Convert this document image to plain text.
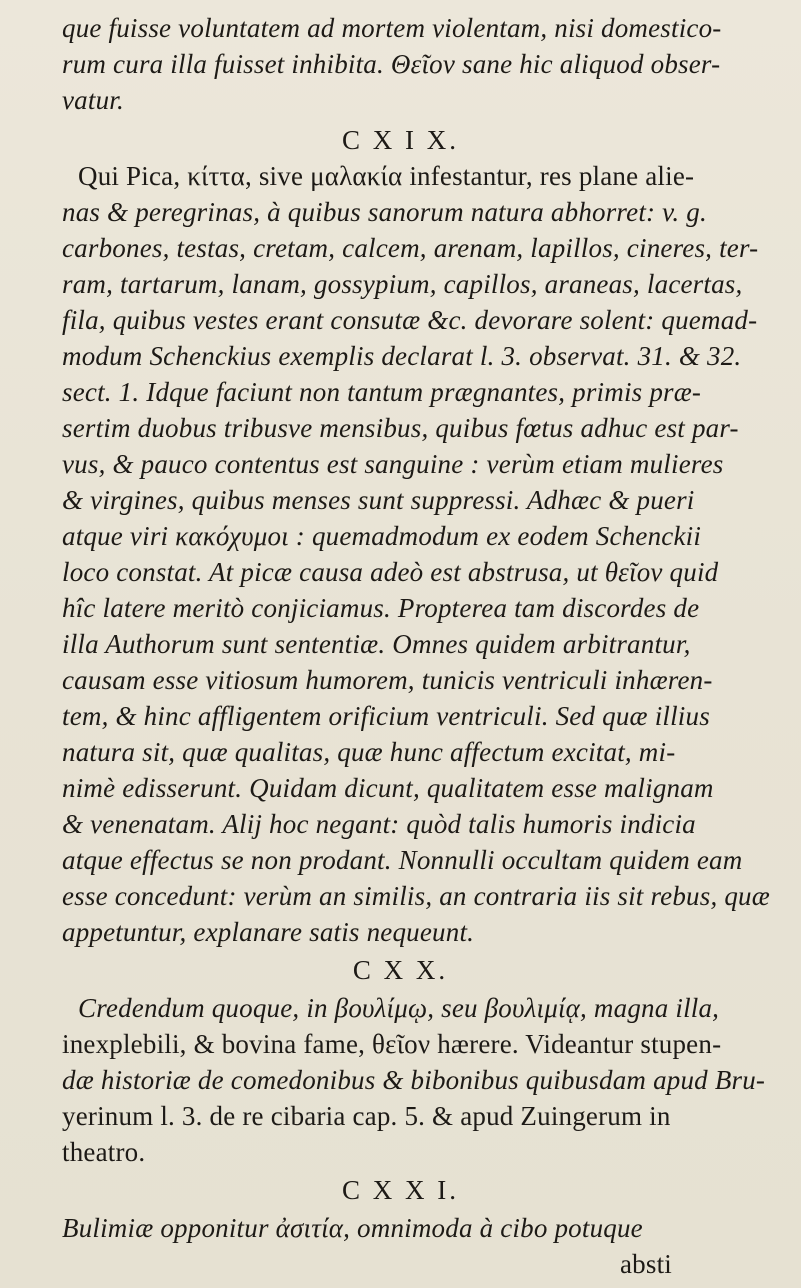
que fuisse voluntatem ad mortem violentam, nisi domestico-
rum cura illa fuisset inhibita. Θεῖον sane hic aliquod obser-
vatur.
C X I X.
Qui Pica, κίττα, sive μαλακία infestantur, res plane alie-
nas & peregrinas, à quibus sanorum natura abhorret: v. g.
carbones, testas, cretam, calcem, arenam, lapillos, cineres, ter-
ram, tartarum, lanam, gossypium, capillos, araneas, lacertas,
fila, quibus vestes erant consutæ &c. devorare solent: quemad-
modum Schenckius exemplis declarat l. 3. observat. 31. & 32.
sect. 1. Idque faciunt non tantum prægnantes, primis præ-
sertim duobus tribusve mensibus, quibus fœtus adhuc est par-
vus, & pauco contentus est sanguine : verùm etiam mulieres
& virgines, quibus menses sunt suppressi. Adhæc & pueri
atque viri κακόχυμοι : quemadmodum ex eodem Schenckii
loco constat. At picæ causa adeò est abstrusa, ut θεῖον quid
hîc latere meritò conjiciamus. Propterea tam discordes de
illa Authorum sunt sententiæ. Omnes quidem arbitrantur,
causam esse vitiosum humorem, tunicis ventriculi inhæren-
tem, & hinc affligentem orificium ventriculi. Sed quæ illius
natura sit, quæ qualitas, quæ hunc affectum excitat, mi-
nimè edisserunt. Quidam dicunt, qualitatem esse malignam
& venenatam. Alij hoc negant: quòd talis humoris indicia
atque effectus se non prodant. Nonnulli occultam quidem eam
esse concedunt: verùm an similis, an contraria iis sit rebus, quæ
appetuntur, explanare satis nequeunt.
C X X.
Credendum quoque, in βουλίμῳ, seu βουλιμίᾳ, magna illa,
inexplebili, & bovina fame, θεῖον hærere. Videantur stupen-
dæ historiæ de comedonibus & bibonibus quibusdam apud Bru-
yerinum l. 3. de re cibaria cap. 5. & apud Zuingerum in
theatro.
C X X I.
Bulimiæ opponitur ἀσιτία, omnimoda à cibo potuque
absti
